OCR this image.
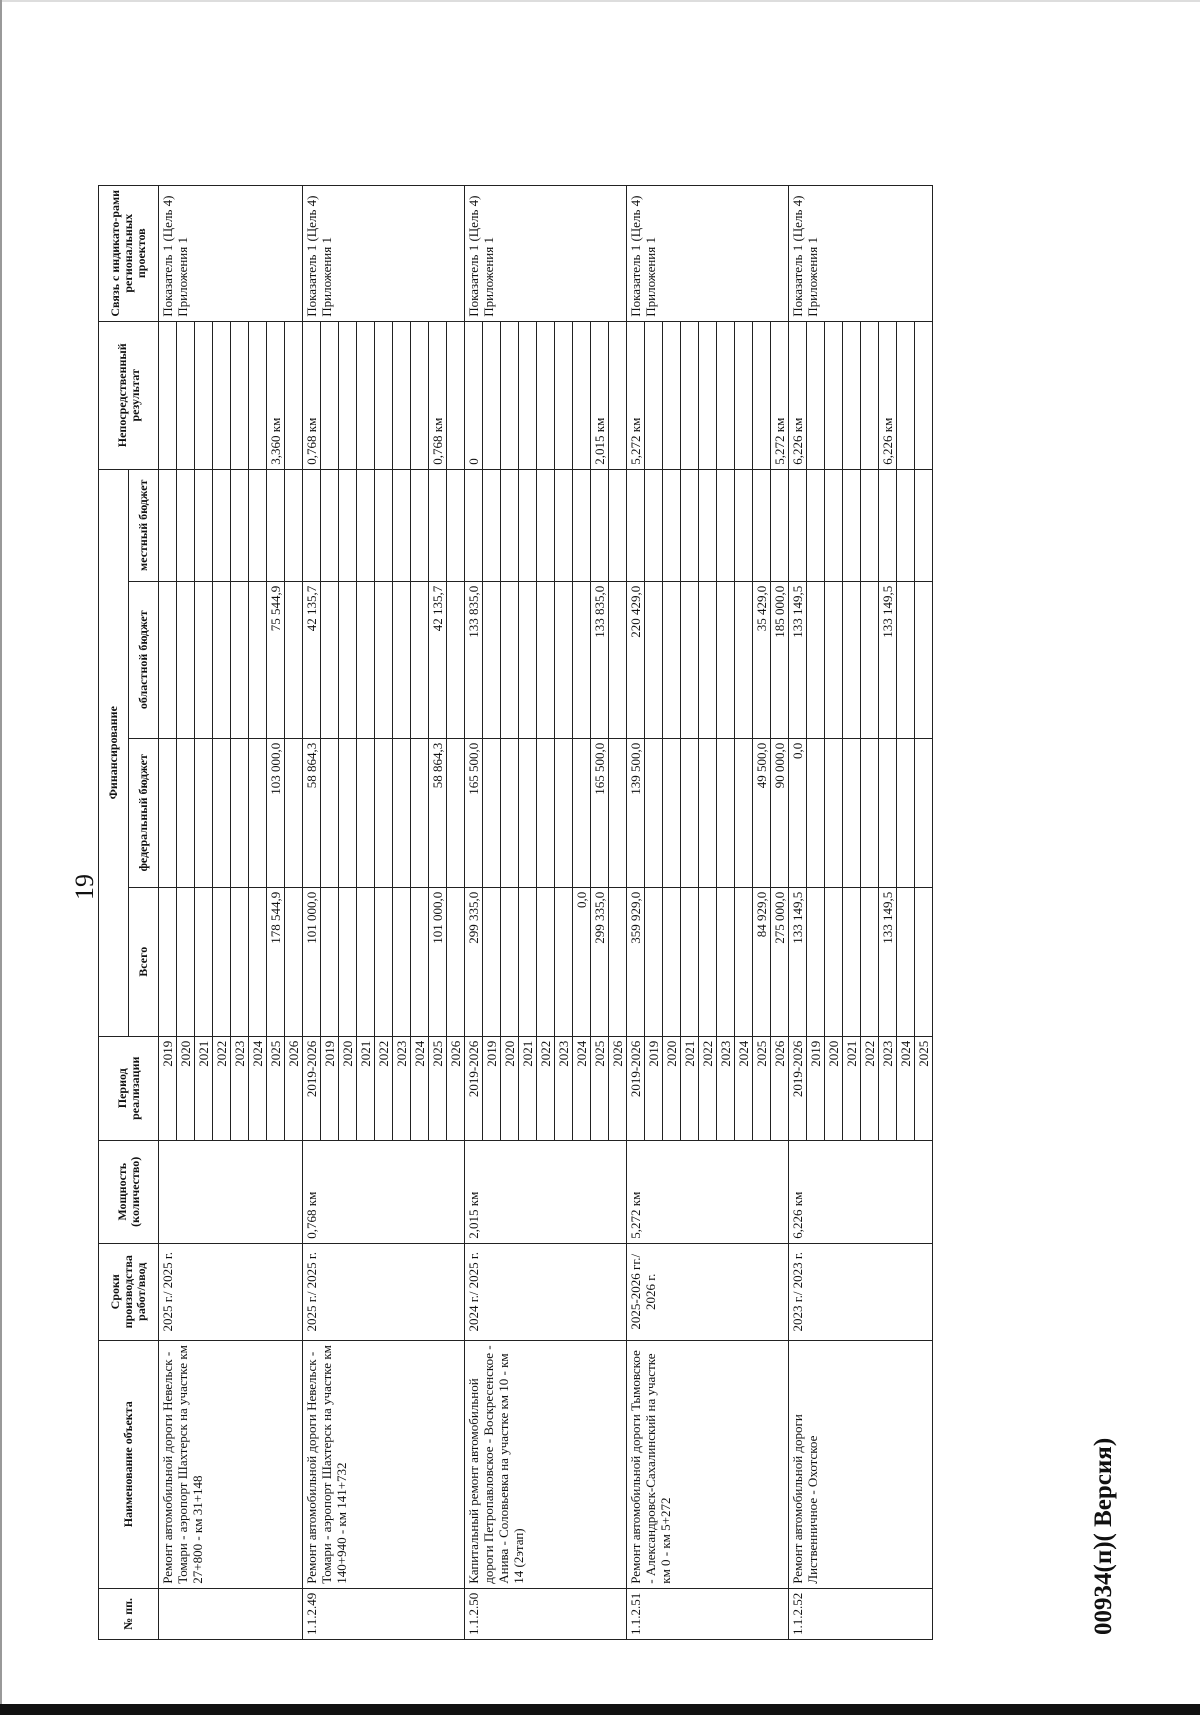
19
№ пп.	Наименование объекта	Сроки производства работ/ввод	Мощность (количество)	Период реализации	Финансирование				Непосредственный результат	Связь с индикато-рами региональных проектов
					Всего	федеральный бюджет	областной бюджет	местный бюджет		
	Ремонт автомобильной дороги Невельск - Томари - аэропорт Шахтерск на участке км 27+800 - км 31+148	2025 г./ 2025 г.		2019						Показатель 1 (Цель 4) Приложения 1
				2020						
				2021						
				2022						
				2023						
				2024						
				2025	178 544,9	103 000,0	75 544,9		3,360 км	
				2026						
1.1.2.49	Ремонт автомобильной дороги Невельск - Томари - аэропорт Шахтерск на участке км 140+940 - км 141+732	2025 г./ 2025 г.	0,768 км	2019-2026	101 000,0	58 864,3	42 135,7		0,768 км	Показатель 1 (Цель 4) Приложения 1
				2019						
				2020						
				2021						
				2022						
				2023						
				2024						
				2025	101 000,0	58 864,3	42 135,7		0,768 км	
				2026						
1.1.2.50	Капитальный ремонт автомобильной дороги Петропавловское - Воскресенское - Анива - Соловьевка на участке км 10 - км 14 (2этап)	2024 г./ 2025 г.	2,015 км	2019-2026	299 335,0	165 500,0	133 835,0		0	Показатель 1 (Цель 4) Приложения 1
				2019						
				2020						
				2021						
				2022						
				2023						
				2024	0,0					
				2025	299 335,0	165 500,0	133 835,0		2,015 км	
				2026						
1.1.2.51	Ремонт автомобильной дороги Тымовское - Александровск-Сахалинский на участке км 0 - км 5+272	2025-2026 гг./ 2026 г.	5,272 км	2019-2026	359 929,0	139 500,0	220 429,0		5,272 км	Показатель 1 (Цель 4) Приложения 1
				2019						
				2020						
				2021						
				2022						
				2023						
				2024						
				2025	84 929,0	49 500,0	35 429,0			
				2026	275 000,0	90 000,0	185 000,0		5,272 км	
1.1.2.52	Ремонт автомобильной дороги Лиственничное - Охотское	2023 г./ 2023 г.	6,226 км	2019-2026	133 149,5	0,0	133 149,5		6,226 км	Показатель 1 (Цель 4) Приложения 1
				2019						
				2020						
				2021						
				2022						
				2023	133 149,5		133 149,5		6,226 км	
				2024						
				2025						
00934(п)( Версия)
